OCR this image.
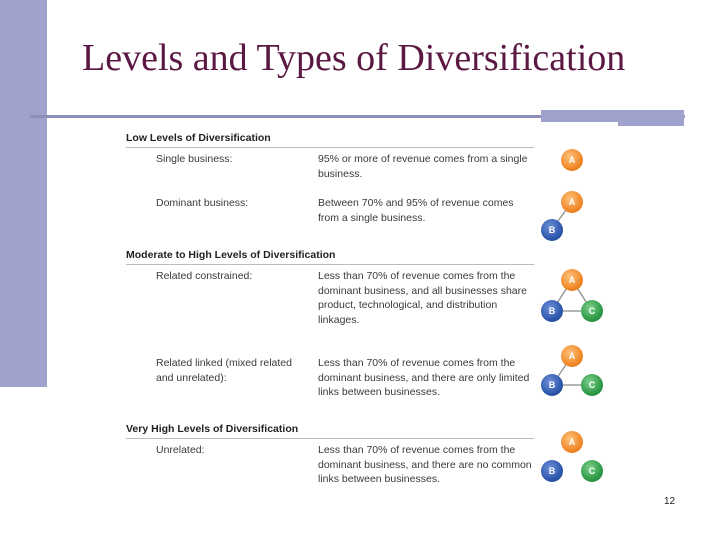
Levels and Types of Diversification
Low Levels of Diversification
Single business:	95% or more of revenue comes from a single business.
A
Dominant business:	Between 70% and 95% of revenue comes from a single business.
A
B
Moderate to High Levels of Diversification
Related constrained:	Less than 70% of revenue comes from the dominant business, and all businesses share product, technological, and distribution linkages.
A
B	C
Related linked (mixed related and unrelated):
Less than 70% of revenue comes from the dominant business, and there are only limited links between businesses.
A
B	C
Very High Levels of Diversification
Unrelated:	Less than 70% of revenue comes from the dominant business, and there are no common links between businesses.
A
B	C
12
